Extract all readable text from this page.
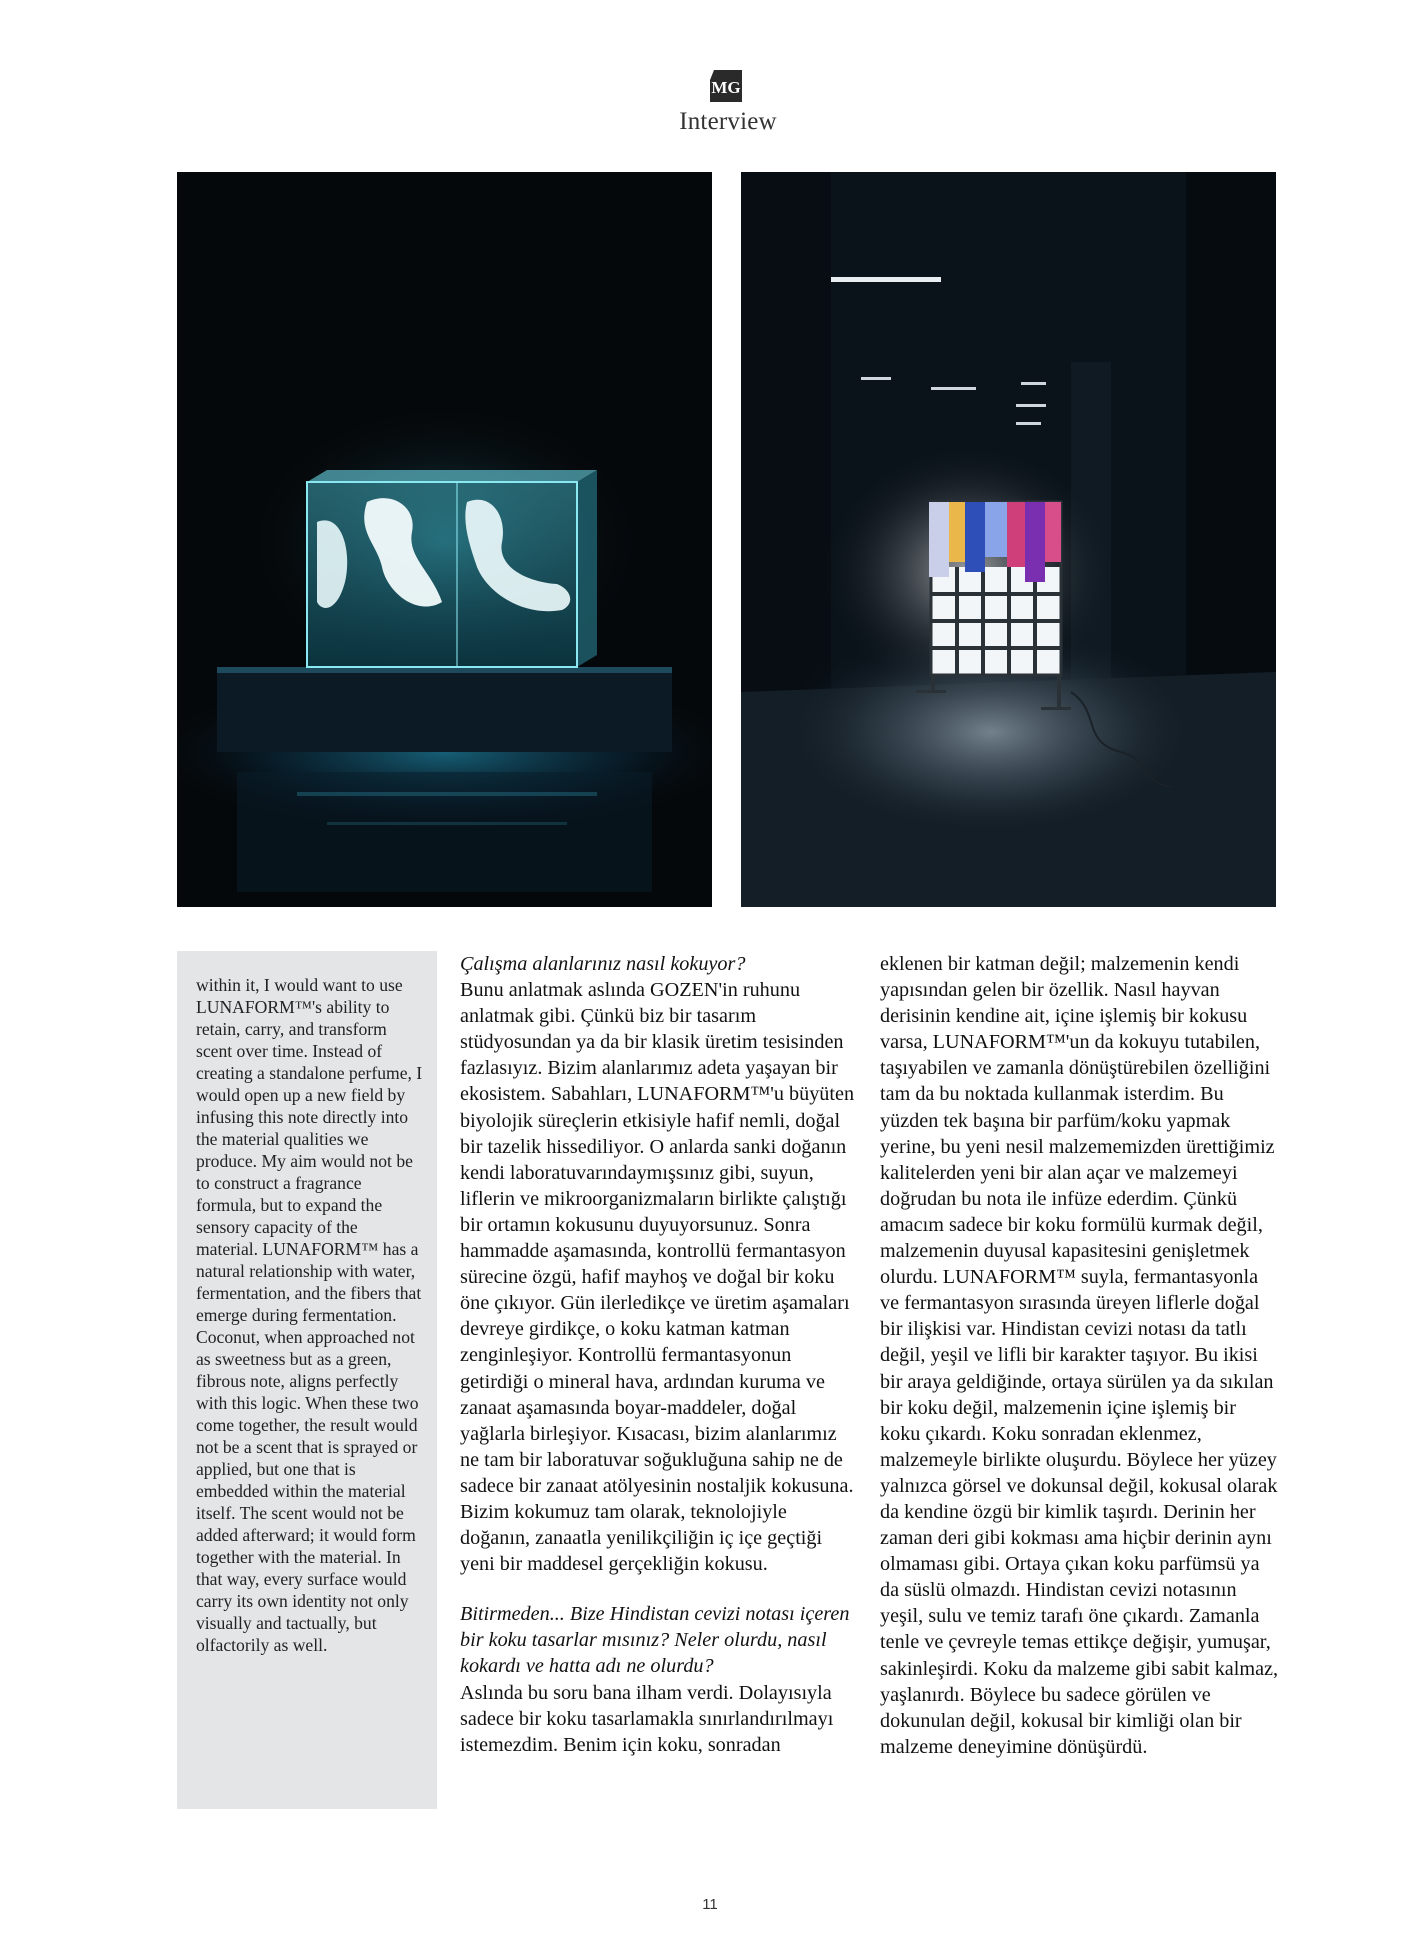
MG
Interview

within it, I would want to use LUNAFORM™'s ability to retain, carry, and transform scent over time. Instead of creating a standalone perfume, I would open up a new field by infusing this note directly into the material qualities we produce. My aim would not be to construct a fragrance formula, but to expand the sensory capacity of the material. LUNAFORM™ has a natural relationship with water, fermentation, and the fibers that emerge during fermentation. Coconut, when approached not as sweetness but as a green, fibrous note, aligns perfectly with this logic. When these two come together, the result would not be a scent that is sprayed or applied, but one that is embedded within the material itself. The scent would not be added afterward; it would form together with the material. In that way, every surface would carry its own identity not only visually and tactually, but olfactorily as well.

Çalışma alanlarınız nasıl kokuyor?

Bunu anlatmak aslında GOZEN'in ruhunu anlatmak gibi. Çünkü biz bir tasarım stüdyosundan ya da bir klasik üretim tesisinden fazlasıyız. Bizim alanlarımız adeta yaşayan bir ekosistem. Sabahları, LUNAFORM™'u büyüten biyolojik süreçlerin etkisiyle hafif nemli, doğal bir tazelik hissediliyor. O anlarda sanki doğanın kendi laboratuvarındaymışsınız gibi, suyun, liflerin ve mikroorganizmaların birlikte çalıştığı bir ortamın kokusunu duyuyorsunuz. Sonra hammadde aşamasında, kontrollü fermantasyon sürecine özgü, hafif mayhoş ve doğal bir koku öne çıkıyor. Gün ilerledikçe ve üretim aşamaları devreye girdikçe, o koku katman katman zenginleşiyor. Kontrollü fermantasyonun getirdiği o mineral hava, ardından kuruma ve zanaat aşamasında boyar-maddeler, doğal yağlarla birleşiyor. Kısacası, bizim alanlarımız ne tam bir laboratuvar soğukluğuna sahip ne de sadece bir zanaat atölyesinin nostaljik kokusuna. Bizim kokumuz tam olarak, teknolojiyle doğanın, zanaatla yenilikçiliğin iç içe geçtiği yeni bir maddesel gerçekliğin kokusu.

Bitirmeden... Bize Hindistan cevizi notası içeren bir koku tasarlar mısınız? Neler olurdu, nasıl kokardı ve hatta adı ne olurdu?

Aslında bu soru bana ilham verdi. Dolayısıyla sadece bir koku tasarlamakla sınırlandırılmayı istemezdim. Benim için koku, sonradan

eklenen bir katman değil; malzemenin kendi yapısından gelen bir özellik. Nasıl hayvan derisinin kendine ait, içine işlemiş bir kokusu varsa, LUNAFORM™'un da kokuyu tutabilen, taşıyabilen ve zamanla dönüştürebilen özelliğini tam da bu noktada kullanmak isterdim. Bu yüzden tek başına bir parfüm/koku yapmak yerine, bu yeni nesil malzememizden ürettiğimiz kalitelerden yeni bir alan açar ve malzemeyi doğrudan bu nota ile infüze ederdim. Çünkü amacım sadece bir koku formülü kurmak değil, malzemenin duyusal kapasitesini genişletmek olurdu. LUNAFORM™ suyla, fermantasyonla ve fermantasyon sırasında üreyen liflerle doğal bir ilişkisi var. Hindistan cevizi notası da tatlı değil, yeşil ve lifli bir karakter taşıyor. Bu ikisi bir araya geldiğinde, ortaya sürülen ya da sıkılan bir koku değil, malzemenin içine işlemiş bir koku çıkardı. Koku sonradan eklenmez, malzemeyle birlikte oluşurdu. Böylece her yüzey yalnızca görsel ve dokunsal değil, kokusal olarak da kendine özgü bir kimlik taşırdı. Derinin her zaman deri gibi kokması ama hiçbir derinin aynı olmaması gibi. Ortaya çıkan koku parfümsü ya da süslü olmazdı. Hindistan cevizi notasının yeşil, sulu ve temiz tarafı öne çıkardı. Zamanla tenle ve çevreyle temas ettikçe değişir, yumuşar, sakinleşirdi. Koku da malzeme gibi sabit kalmaz, yaşlanırdı. Böylece bu sadece görülen ve dokunulan değil, kokusal bir kimliği olan bir malzeme deneyimine dönüşürdü.

11
